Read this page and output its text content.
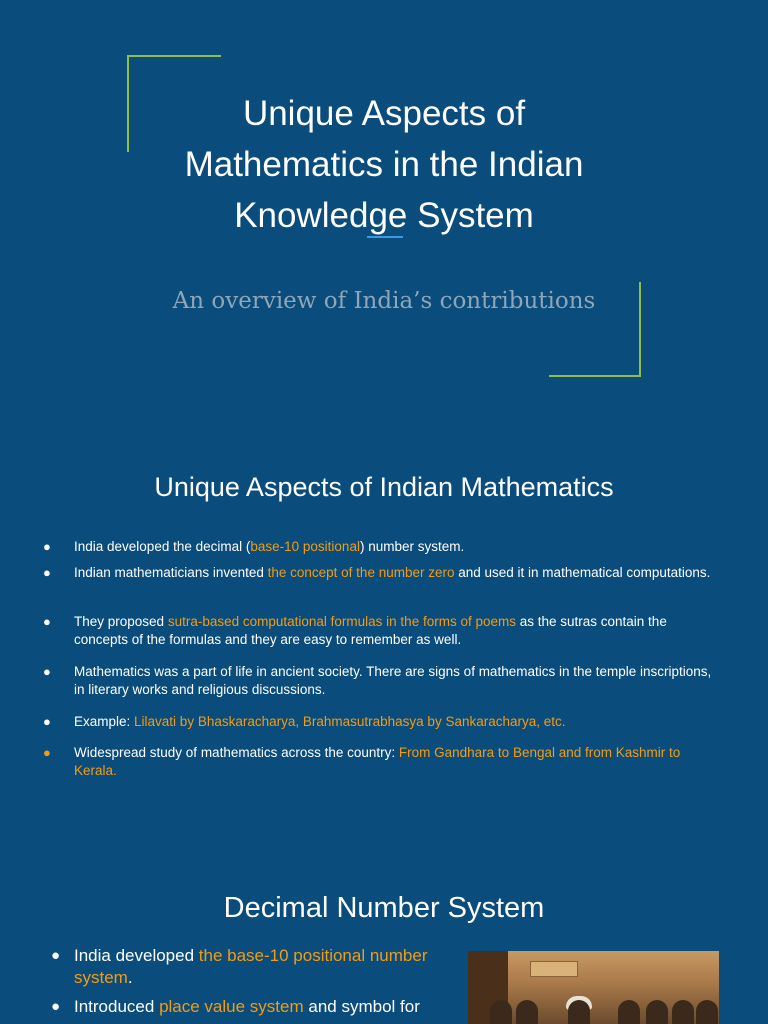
Unique Aspects of
Mathematics in the Indian
Knowledge System

An overview of India’s contributions

Unique Aspects of Indian Mathematics
● India developed the decimal (base-10 positional) number system.
● Indian mathematicians invented the concept of the number zero and used it in mathematical computations.
● They proposed sutra-based computational formulas in the forms of poems as the sutras contain the concepts of the formulas and they are easy to remember as well.
● Mathematics was a part of life in ancient society. There are signs of mathematics in the temple inscriptions, in literary works and religious discussions.
● Example: Lilavati by Bhaskaracharya, Brahmasutrabhasya by Sankaracharya, etc.
● Widespread study of mathematics across the country: From Gandhara to Bengal and from Kashmir to Kerala.
Decimal Number System
● India developed the base-10 positional number system.
● Introduced place value system and symbol for
